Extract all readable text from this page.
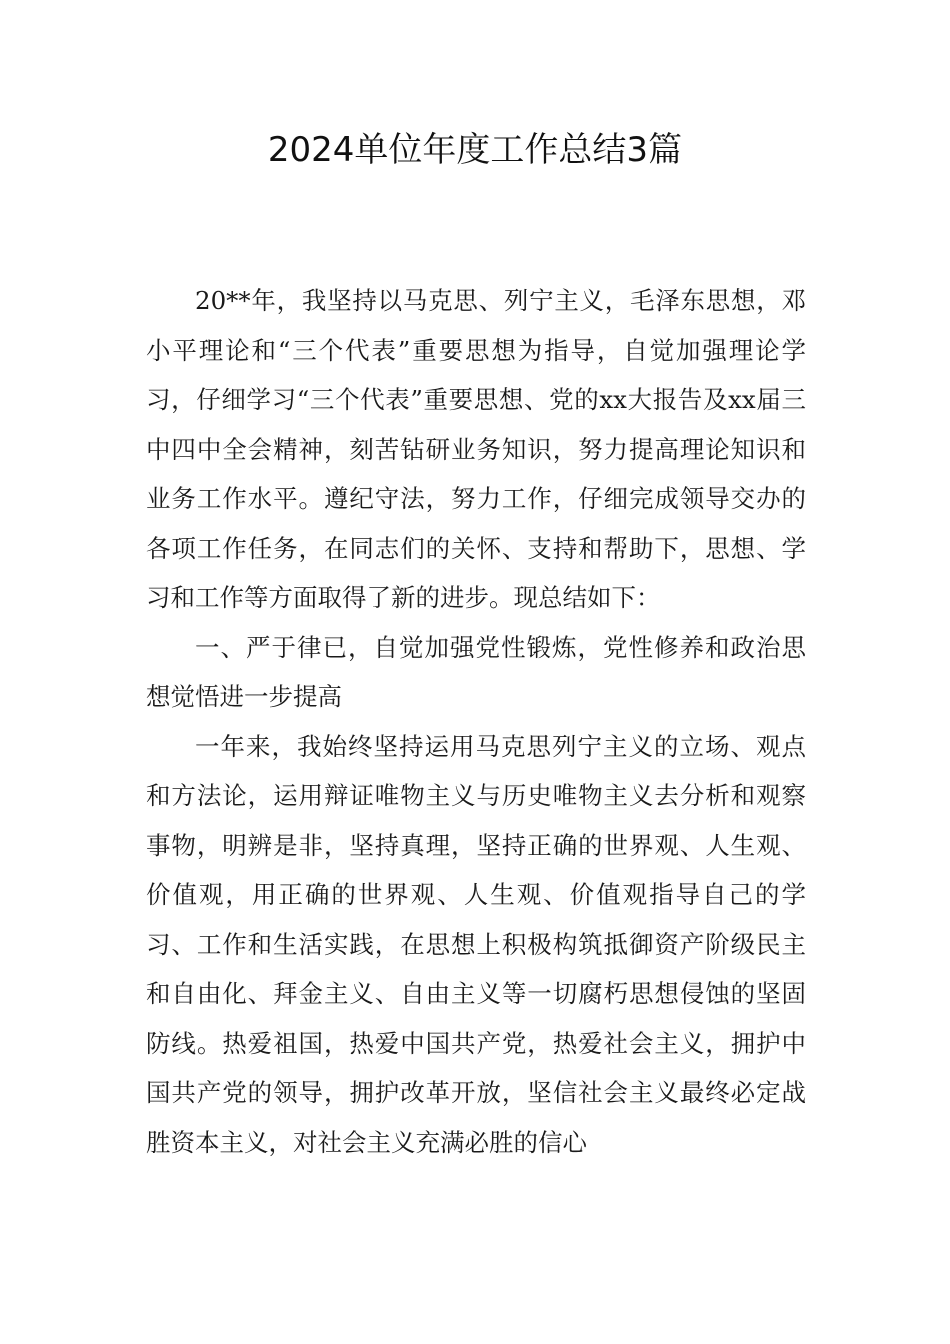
2024单位年度工作总结3篇

20**年，我坚持以马克思、列宁主义，毛泽东思想，邓小平理论和“三个代表”重要思想为指导，自觉加强理论学习，仔细学习“三个代表”重要思想、党的xx大报告及xx届三中四中全会精神，刻苦钻研业务知识，努力提高理论知识和业务工作水平。遵纪守法，努力工作，仔细完成领导交办的各项工作任务，在同志们的关怀、支持和帮助下，思想、学习和工作等方面取得了新的进步。现总结如下：

一、严于律已，自觉加强党性锻炼，党性修养和政治思想觉悟进一步提高

一年来，我始终坚持运用马克思列宁主义的立场、观点和方法论，运用辩证唯物主义与历史唯物主义去分析和观察事物，明辨是非，坚持真理，坚持正确的世界观、人生观、价值观，用正确的世界观、人生观、价值观指导自己的学习、工作和生活实践，在思想上积极构筑抵御资产阶级民主和自由化、拜金主义、自由主义等一切腐朽思想侵蚀的坚固防线。热爱祖国，热爱中国共产党，热爱社会主义，拥护中国共产党的领导，拥护改革开放，坚信社会主义最终必定战胜资本主义，对社会主义充满必胜的信心
